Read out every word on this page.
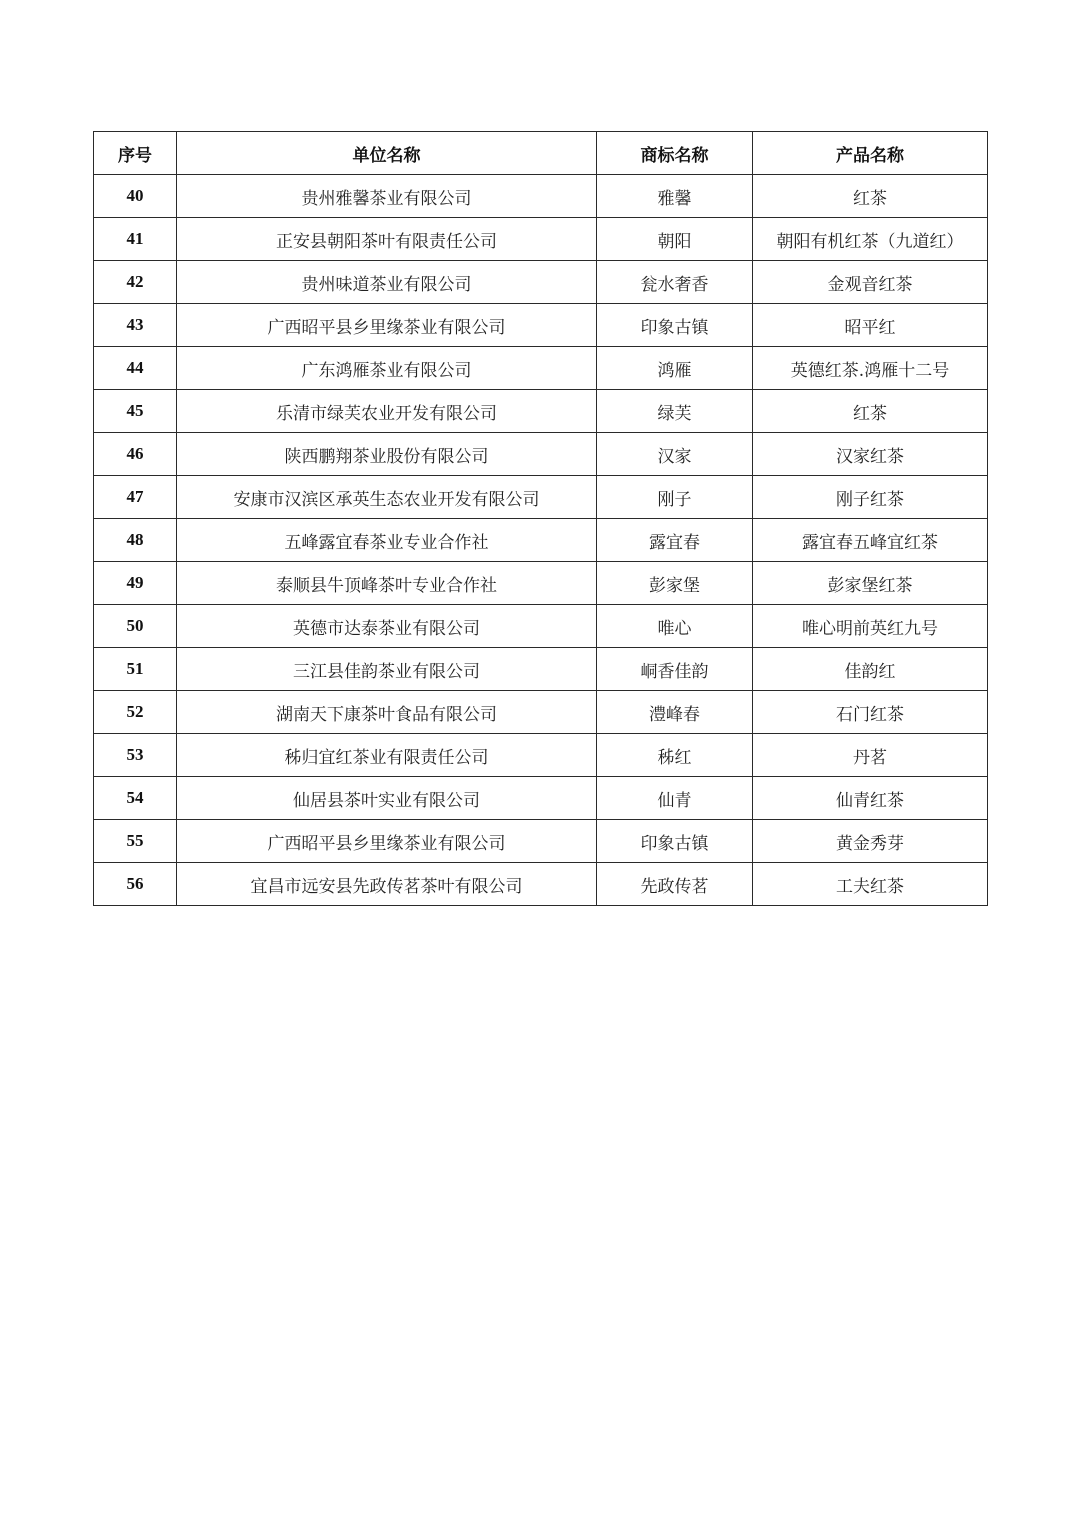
序号	单位名称	商标名称	产品名称
40	贵州雅馨茶业有限公司	雅馨	红茶
41	正安县朝阳茶叶有限责任公司	朝阳	朝阳有机红茶（九道红）
42	贵州味道茶业有限公司	瓮水奢香	金观音红茶
43	广西昭平县乡里缘茶业有限公司	印象古镇	昭平红
44	广东鸿雁茶业有限公司	鸿雁	英德红茶.鸿雁十二号
45	乐清市绿芙农业开发有限公司	绿芙	红茶
46	陕西鹏翔茶业股份有限公司	汉家	汉家红茶
47	安康市汉滨区承英生态农业开发有限公司	刚子	刚子红茶
48	五峰露宜春茶业专业合作社	露宜春	露宜春五峰宜红茶
49	泰顺县牛顶峰茶叶专业合作社	彭家堡	彭家堡红茶
50	英德市达泰茶业有限公司	唯心	唯心明前英红九号
51	三江县佳韵茶业有限公司	峒香佳韵	佳韵红
52	湖南天下康茶叶食品有限公司	澧峰春	石门红茶
53	秭归宜红茶业有限责任公司	秭红	丹茗
54	仙居县茶叶实业有限公司	仙青	仙青红茶
55	广西昭平县乡里缘茶业有限公司	印象古镇	黄金秀芽
56	宜昌市远安县先政传茗茶叶有限公司	先政传茗	工夫红茶
